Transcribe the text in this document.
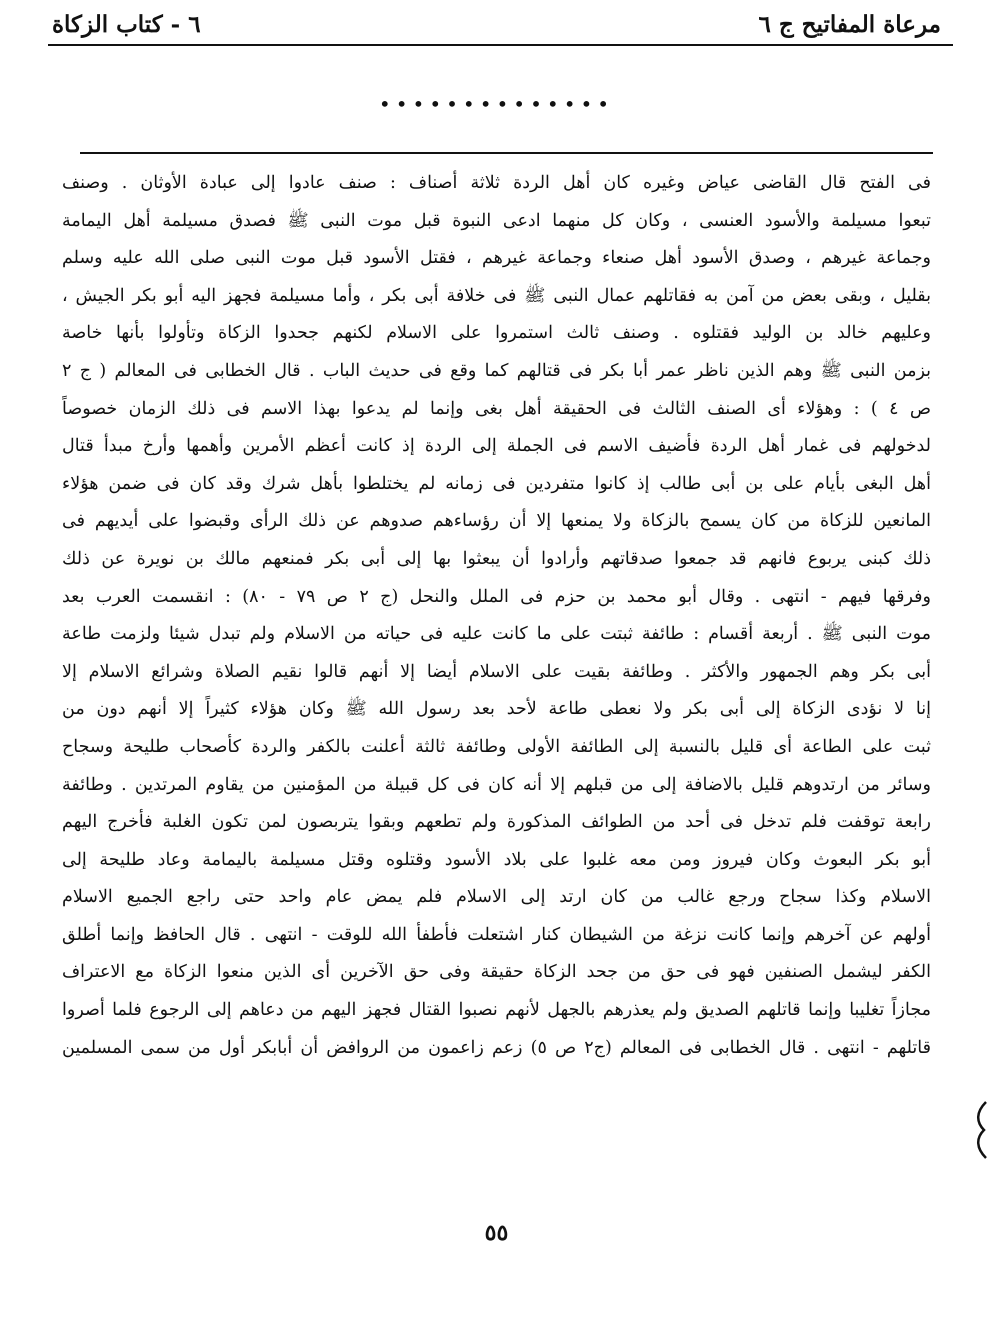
مرعاة المفاتيح ج ٦
٦ - كتاب الزكاة
••••••••••••••
فى الفتح قال القاضى عياض وغيره كان أهل الردة ثلاثة أصناف : صنف عادوا إلى عبادة الأوثان . وصنف
تبعوا مسيلمة والأسود العنسى ، وكان كل منهما ادعى النبوة قبل موت النبى ﷺ فصدق مسيلمة أهل اليمامة
وجماعة غيرهم ، وصدق الأسود أهل صنعاء وجماعة غيرهم ، فقتل الأسود قبل موت النبى صلى الله عليه وسلم
بقليل ، وبقى بعض من آمن به فقاتلهم عمال النبى ﷺ فى خلافة أبى بكر ، وأما مسيلمة فجهز اليه أبو بكر الجيش ،
وعليهم خالد بن الوليد فقتلوه . وصنف ثالث استمروا على الاسلام لكنهم جحدوا الزكاة وتأولوا بأنها خاصة
بزمن النبى ﷺ وهم الذين ناظر عمر أبا بكر فى قتالهم كما وقع فى حديث الباب . قال الخطابى فى المعالم ( ج ٢
ص ٤ ) : وهؤلاء أى الصنف الثالث فى الحقيقة أهل بغى وإنما لم يدعوا بهذا الاسم فى ذلك الزمان خصوصاً
لدخولهم فى غمار أهل الردة فأضيف الاسم فى الجملة إلى الردة إذ كانت أعظم الأمرين وأهمها وأرخ مبدأ قتال
أهل البغى بأيام على بن أبى طالب إذ كانوا متفردين فى زمانه لم يختلطوا بأهل شرك وقد كان فى ضمن هؤلاء
المانعين للزكاة من كان يسمح بالزكاة ولا يمنعها إلا أن رؤساءهم صدوهم عن ذلك الرأى وقبضوا على أيديهم فى
ذلك كبنى يربوع فانهم قد جمعوا صدقاتهم وأرادوا أن يبعثوا بها إلى أبى بكر فمنعهم مالك بن نويرة عن ذلك
وفرقها فيهم - انتهى . وقال أبو محمد بن حزم فى الملل والنحل (ج ٢ ص ٧٩ - ٨٠) : انقسمت العرب بعد
موت النبى ﷺ . أربعة أقسام : طائفة ثبتت على ما كانت عليه فى حياته من الاسلام ولم تبدل شيئا ولزمت طاعة
أبى بكر وهم الجمهور والأكثر . وطائفة بقيت على الاسلام أيضا إلا أنهم قالوا نقيم الصلاة وشرائع الاسلام إلا
إنا لا نؤدى الزكاة إلى أبى بكر ولا نعطى طاعة لأحد بعد رسول الله ﷺ وكان هؤلاء كثيراً إلا أنهم دون من
ثبت على الطاعة أى قليل بالنسبة إلى الطائفة الأولى وطائفة ثالثة أعلنت بالكفر والردة كأصحاب طليحة وسجاح
وسائر من ارتدوهم قليل بالاضافة إلى من قبلهم إلا أنه كان فى كل قبيلة من المؤمنين من يقاوم المرتدين . وطائفة
رابعة توقفت فلم تدخل فى أحد من الطوائف المذكورة ولم تطعهم وبقوا يتربصون لمن تكون الغلبة فأخرج اليهم
أبو بكر البعوث وكان فيروز ومن معه غلبوا على بلاد الأسود وقتلوه وقتل مسيلمة باليمامة وعاد طليحة إلى
الاسلام وكذا سجاح ورجع غالب من كان ارتد إلى الاسلام فلم يمض عام واحد حتى راجع الجميع الاسلام
أولهم عن آخرهم وإنما كانت نزغة من الشيطان كنار اشتعلت فأطفأ الله للوقت - انتهى . قال الحافظ وإنما أطلق
الكفر ليشمل الصنفين فهو فى حق من جحد الزكاة حقيقة وفى حق الآخرين أى الذين منعوا الزكاة مع الاعتراف
مجازاً تغليبا وإنما قاتلهم الصديق ولم يعذرهم بالجهل لأنهم نصبوا القتال فجهز اليهم من دعاهم إلى الرجوع فلما أصروا
قاتلهم - انتهى . قال الخطابى فى المعالم (ج٢ ص ٥) زعم زاعمون من الروافض أن أبابكر أول من سمى المسلمين
٥٥
